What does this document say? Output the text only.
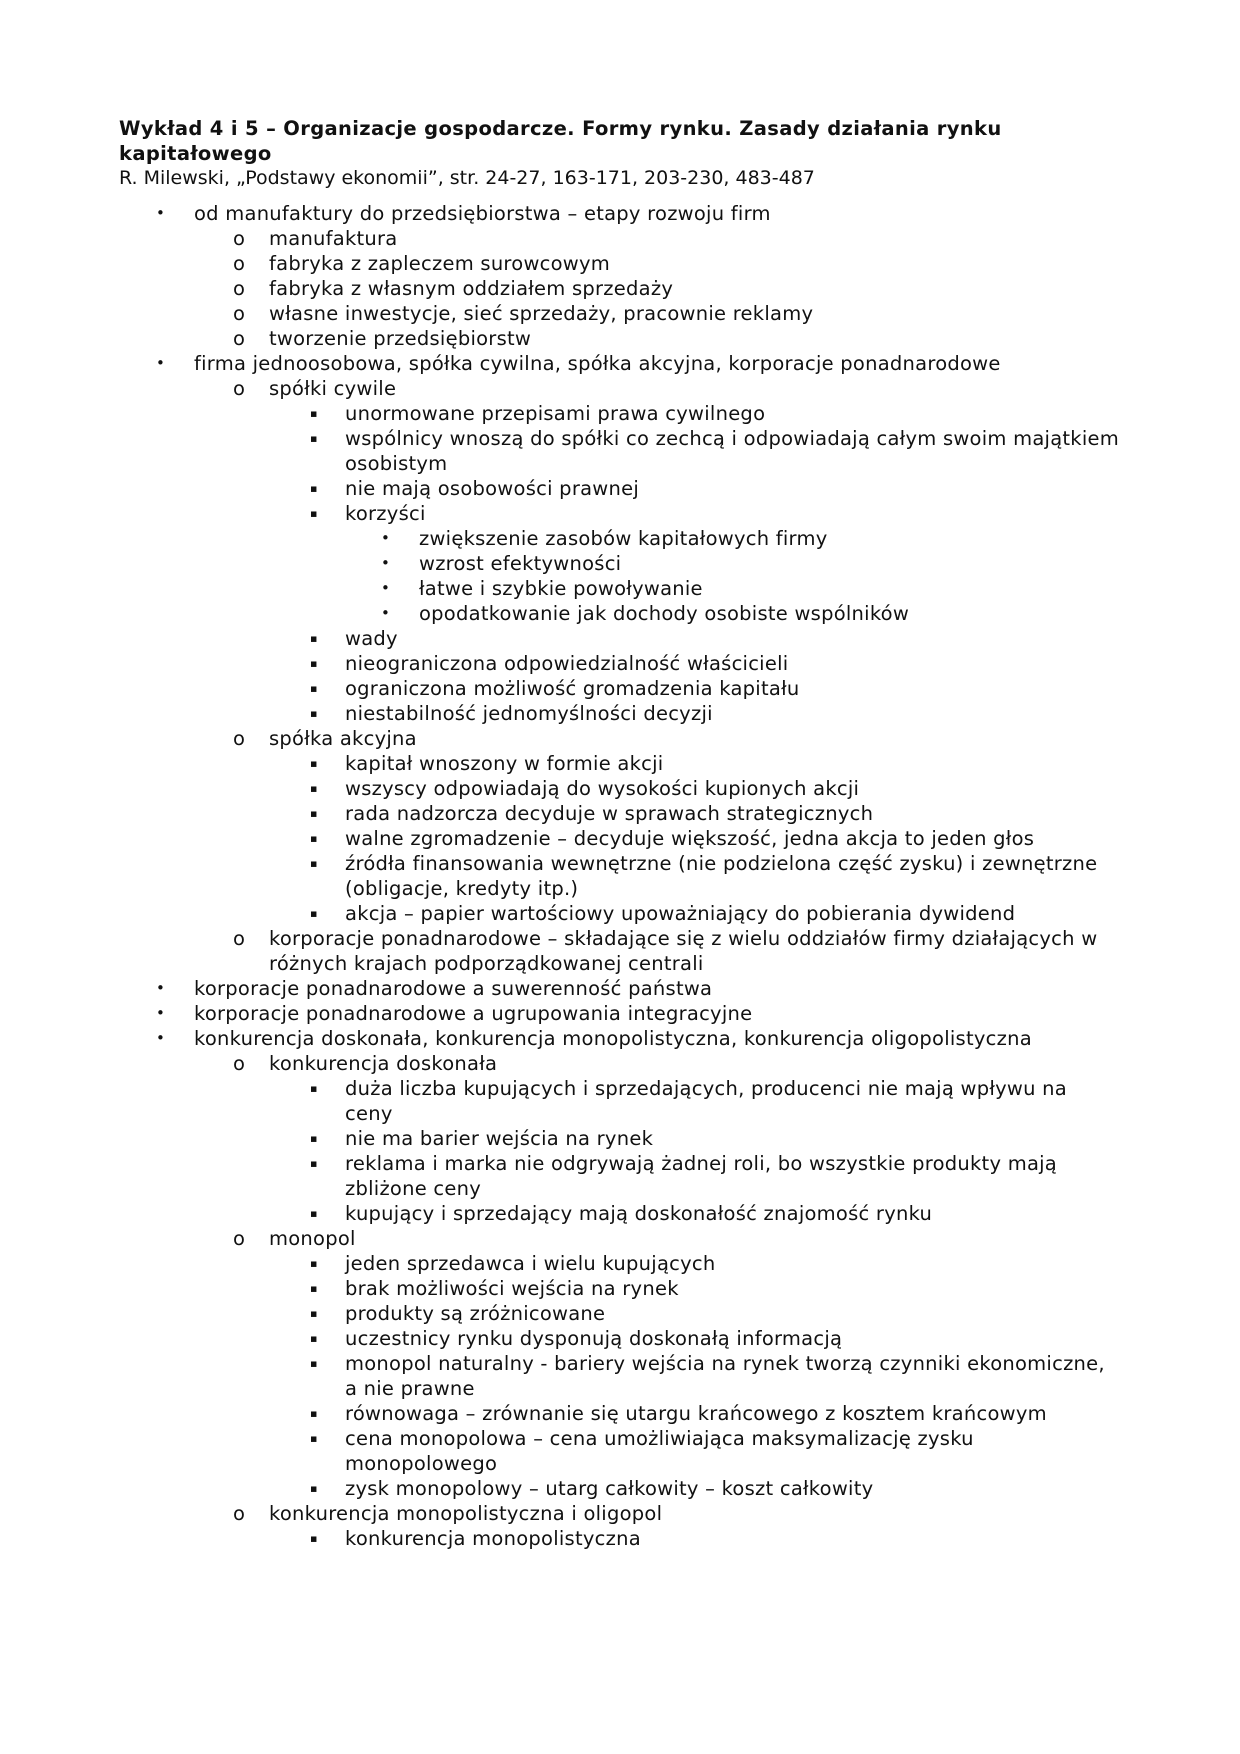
Wykład 4 i 5 – Organizacje gospodarcze. Formy rynku. Zasady działania rynku kapitałowego

R. Milewski, „Podstawy ekonomii”, str. 24-27, 163-171, 203-230, 483-487

• od manufaktury do przedsiębiorstwa – etapy rozwoju firm
o manufaktura
o fabryka z zapleczem surowcowym
o fabryka z własnym oddziałem sprzedaży
o własne inwestycje, sieć sprzedaży, pracownie reklamy
o tworzenie przedsiębiorstw
• firma jednoosobowa, spółka cywilna, spółka akcyjna, korporacje ponadnarodowe
o spółki cywile
▪ unormowane przepisami prawa cywilnego
▪ wspólnicy wnoszą do spółki co zechcą i odpowiadają całym swoim majątkiem osobistym
▪ nie mają osobowości prawnej
▪ korzyści
• zwiększenie zasobów kapitałowych firmy
• wzrost efektywności
• łatwe i szybkie powoływanie
• opodatkowanie jak dochody osobiste wspólników
▪ wady
▪ nieograniczona odpowiedzialność właścicieli
▪ ograniczona możliwość gromadzenia kapitału
▪ niestabilność jednomyślności decyzji
o spółka akcyjna
▪ kapitał wnoszony w formie akcji
▪ wszyscy odpowiadają do wysokości kupionych akcji
▪ rada nadzorcza decyduje w sprawach strategicznych
▪ walne zgromadzenie – decyduje większość, jedna akcja to jeden głos
▪ źródła finansowania wewnętrzne (nie podzielona część zysku) i zewnętrzne (obligacje, kredyty itp.)
▪ akcja – papier wartościowy upoważniający do pobierania dywidend
o korporacje ponadnarodowe – składające się z wielu oddziałów firmy działających w różnych krajach podporządkowanej centrali
• korporacje ponadnarodowe a suwerenność państwa
• korporacje ponadnarodowe a ugrupowania integracyjne
• konkurencja doskonała, konkurencja monopolistyczna, konkurencja oligopolistyczna
o konkurencja doskonała
▪ duża liczba kupujących i sprzedających, producenci nie mają wpływu na ceny
▪ nie ma barier wejścia na rynek
▪ reklama i marka nie odgrywają żadnej roli, bo wszystkie produkty mają zbliżone ceny
▪ kupujący i sprzedający mają doskonałość znajomość rynku
o monopol
▪ jeden sprzedawca i wielu kupujących
▪ brak możliwości wejścia na rynek
▪ produkty są zróżnicowane
▪ uczestnicy rynku dysponują doskonałą informacją
▪ monopol naturalny - bariery wejścia na rynek tworzą czynniki ekonomiczne, a nie prawne
▪ równowaga – zrównanie się utargu krańcowego z kosztem krańcowym
▪ cena monopolowa – cena umożliwiająca maksymalizację zysku monopolowego
▪ zysk monopolowy – utarg całkowity – koszt całkowity
o konkurencja monopolistyczna i oligopol
▪ konkurencja monopolistyczna
